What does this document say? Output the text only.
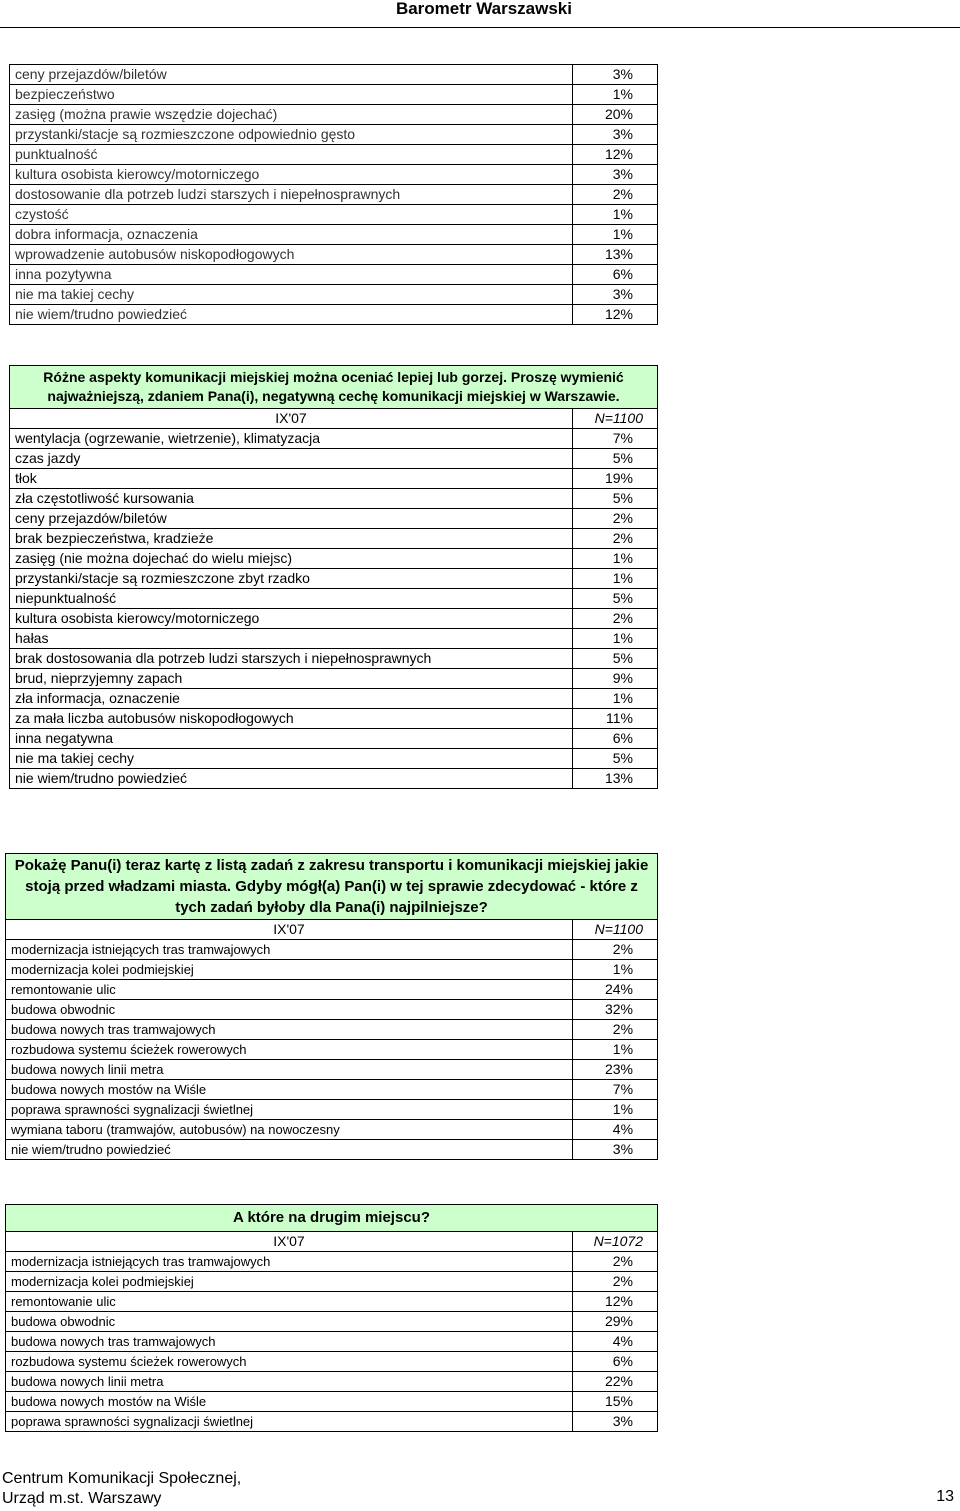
Barometr Warszawski
ceny przejazdów/biletów	3%
bezpieczeństwo	1%
zasięg (można prawie wszędzie dojechać)	20%
przystanki/stacje są rozmieszczone odpowiednio gęsto	3%
punktualność	12%
kultura osobista kierowcy/motorniczego	3%
dostosowanie dla potrzeb ludzi starszych i niepełnosprawnych	2%
czystość	1%
dobra informacja, oznaczenia	1%
wprowadzenie autobusów niskopodłogowych	13%
inna pozytywna	6%
nie ma takiej cechy	3%
nie wiem/trudno powiedzieć	12%
Różne aspekty komunikacji miejskiej można oceniać lepiej lub gorzej. Proszę wymienić najważniejszą, zdaniem Pana(i), negatywną cechę komunikacji miejskiej w Warszawie.	
IX'07	N=1100
wentylacja (ogrzewanie, wietrzenie), klimatyzacja	7%
czas jazdy	5%
tłok	19%
zła częstotliwość kursowania	5%
ceny przejazdów/biletów	2%
brak bezpieczeństwa, kradzieże	2%
zasięg (nie można dojechać do wielu miejsc)	1%
przystanki/stacje są rozmieszczone zbyt rzadko	1%
niepunktualność	5%
kultura osobista kierowcy/motorniczego	2%
hałas	1%
brak dostosowania dla potrzeb ludzi starszych i niepełnosprawnych	5%
brud, nieprzyjemny zapach	9%
zła informacja, oznaczenie	1%
za mała liczba autobusów niskopodłogowych	11%
inna negatywna	6%
nie ma takiej cechy	5%
nie wiem/trudno powiedzieć	13%
Pokażę Panu(i) teraz kartę z listą zadań z zakresu transportu i komunikacji miejskiej jakie stoją przed władzami miasta. Gdyby mógł(a) Pan(i) w tej sprawie zdecydować - które z tych zadań byłoby dla Pana(i) najpilniejsze?	
IX'07	N=1100
modernizacja istniejących tras tramwajowych	2%
modernizacja kolei podmiejskiej	1%
remontowanie ulic	24%
budowa obwodnic	32%
budowa nowych tras tramwajowych	2%
rozbudowa systemu ścieżek rowerowych	1%
budowa nowych linii metra	23%
budowa nowych mostów na Wiśle	7%
poprawa sprawności sygnalizacji świetlnej	1%
wymiana taboru (tramwajów, autobusów) na nowoczesny	4%
nie wiem/trudno powiedzieć	3%
A które na drugim miejscu?	
IX'07	N=1072
modernizacja istniejących tras tramwajowych	2%
modernizacja kolei podmiejskiej	2%
remontowanie ulic	12%
budowa obwodnic	29%
budowa nowych tras tramwajowych	4%
rozbudowa systemu ścieżek rowerowych	6%
budowa nowych linii metra	22%
budowa nowych mostów na Wiśle	15%
poprawa sprawności sygnalizacji świetlnej	3%
Centrum Komunikacji Społecznej,
Urząd m.st. Warszawy	13
